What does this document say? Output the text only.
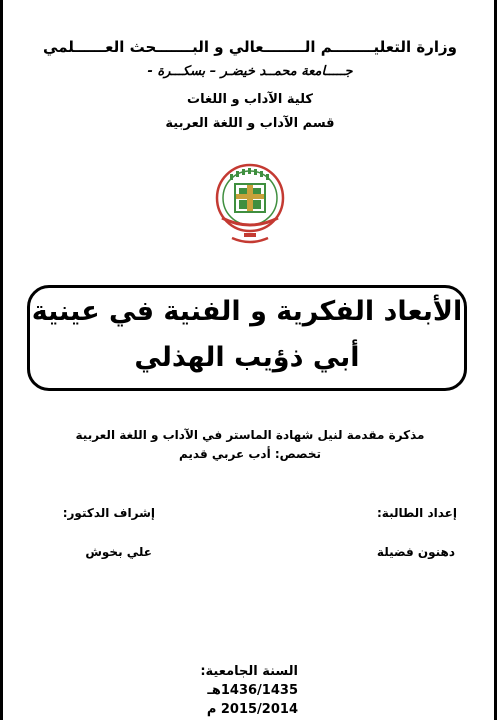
وزارة التعليــــــــم الــــــــعالي و البـــــــحث العــــــلمي
جـــــامعة محمــد خيضـر – بسكـــرة -
كلية الآداب و اللغات
قسم الآداب و اللغة العربية
الأبعاد الفكرية و الفنية في عينية
أبي ذؤيب الهذلي
مذكرة مقدمة لنيل شهادة الماستر في الآداب و اللغة العربية
تخصص: أدب عربي قديم
إعداد الطالبة:
إشراف الدكتور:
دهنون فضيلة
علي بخوش
السنة الجامعية:
1436/1435هـ
2015/2014 م
